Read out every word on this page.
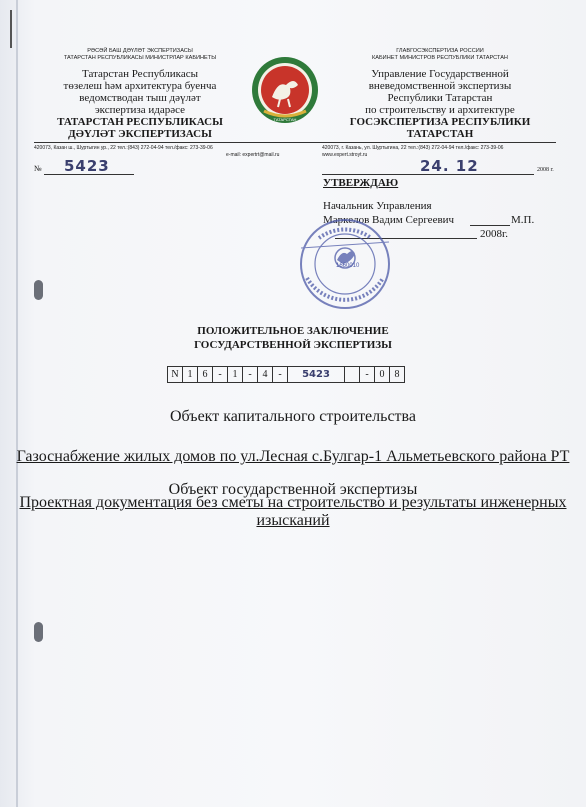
РӘСӘЙ БАШ ДӘҮЛӘТ ЭКСПЕРТИЗАСЫ
ТАТАРСТАН РЕСПУБЛИКАСЫ МИНИСТРЛАР КАБИНЕТЫ
Татарстан Республикасы
төзелеш һәм архитектура буенча
ведомстводан тыш дәүләт
экспертиза идарәсе
ТАТАРСТАН РЕСПУБЛИКАСЫ
ДӘҮЛӘТ ЭКСПЕРТИЗАСЫ
ТАТАРСТАН
ГЛАВГОСЭКСПЕРТИЗА РОССИИ
КАБИНЕТ МИНИСТРОВ РЕСПУБЛИКИ ТАТАРСТАН
Управление Государственной
вневедомственной экспертизы
Республики Татарстан
по строительству и архитектуре
ГОСЭКСПЕРТИЗА РЕСПУБЛИКИ
ТАТАРСТАН
420073, Казан ш., Шуртыгин ур., 22 тел.:(843) 272-04-94 тел./факс: 273-39-06	420073, г. Казань, ул. Шуртыгина, 22 тел.:(843) 272-04-94 тел./факс: 273-39-06
e-mail: expertrt@mail.ru	www.expert.stroyt.ru
№ 5423	24. 12	2008 г.
УТВЕРЖДАЮ
Начальник Управления
Маркелов Вадим Сергеевич	М.П.
2008г.
1660010
ПОЛОЖИТЕЛЬНОЕ ЗАКЛЮЧЕНИЕ
ГОСУДАРСТВЕННОЙ ЭКСПЕРТИЗЫ
N 1	6	-	1	-	4	-	5423	-	0	8
Объект капитального строительства
Газоснабжение жилых домов по ул.Лесная с.Булгар-1 Альметьевского района РТ
Объект государственной экспертизы
Проектная документация без сметы на строительство и результаты инженерных изысканий
